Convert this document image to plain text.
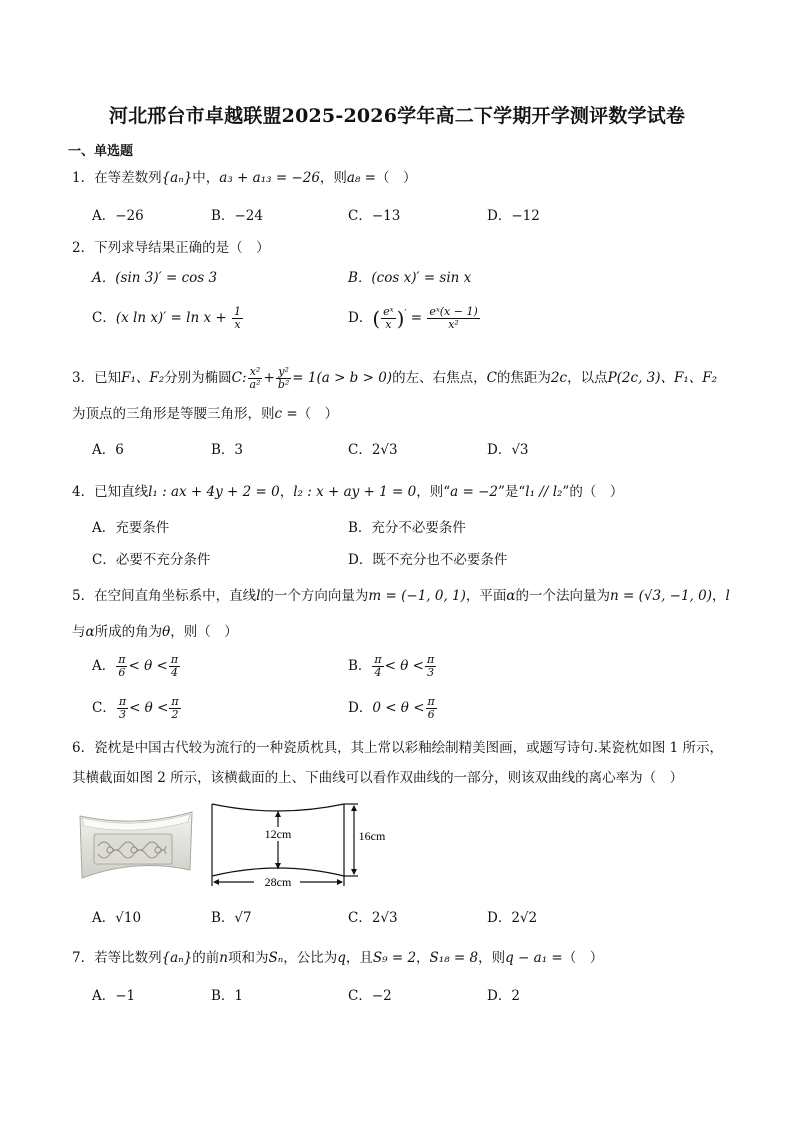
河北邢台市卓越联盟2025-2026学年高二下学期开学测评数学试卷
一、单选题
1．在等差数列{aₙ}中，a₃ + a₁₃ = −26，则a₈ =（　）
A．−26	B．−24	C．−13	D．−12
2．下列求导结果正确的是（　）
A．(sin 3)′ = cos 3	B．(cos x)′ = sin x
C．(x $\ln x)' = \ln x + \frac{1}{x}$	D．( $\frac{\text{eˣ}}{x} )' = \frac{\text{eˣ(x − 1)}}{\text{x²}}$
3．已知F₁、F₂分别为椭圆C: $\frac{\text{x²}}{\text{a²}} + \frac{\text{y²}}{\text{b²}} = 1(a > b > 0)$的左、右焦点，C的焦距为2c，以点P(2c, 3)、F₁、F₂
为顶点的三角形是等腰三角形，则c =（　）
A．6	B．3	C．2√3	D．√3
4．已知直线l₁ : ax + 4y + 2 = 0，l₂ : x + ay + 1 = 0，则“a = −2”是“l₁ // l₂”的（　）
A．充要条件	B．充分不必要条件
C．必要不充分条件	D．既不充分也不必要条件
5．在空间直角坐标系中，直线l的一个方向向量为m = (−1, 0, 1)，平面α的一个法向量为n = (√3, −1, 0)，l
与α所成的角为θ，则（　）
A． $\frac{\pi}{6} < \theta < \frac{\pi}{4}$	B． $\frac{\pi}{4} < \theta < \frac{\pi}{3}$
C． $\frac{\pi}{3} < \theta < \frac{\pi}{2}$	D．$0 < \theta < \frac{\pi}{6}$
6．瓷枕是中国古代较为流行的一种瓷质枕具，其上常以彩釉绘制精美图画，或题写诗句.某瓷枕如图 1 所示，
其横截面如图 2 所示，该横截面的上、下曲线可以看作双曲线的一部分，则该双曲线的离心率为（　）
12cm	16cm
28cm
A．√10	B．√7	C．2√3	D．2√2
7．若等比数列{aₙ}的前n项和为Sₙ，公比为q，且S₉ = 2，S₁₈ = 8，则q − a₁ =（　）
A．−1	B．1	C．−2	D．2
